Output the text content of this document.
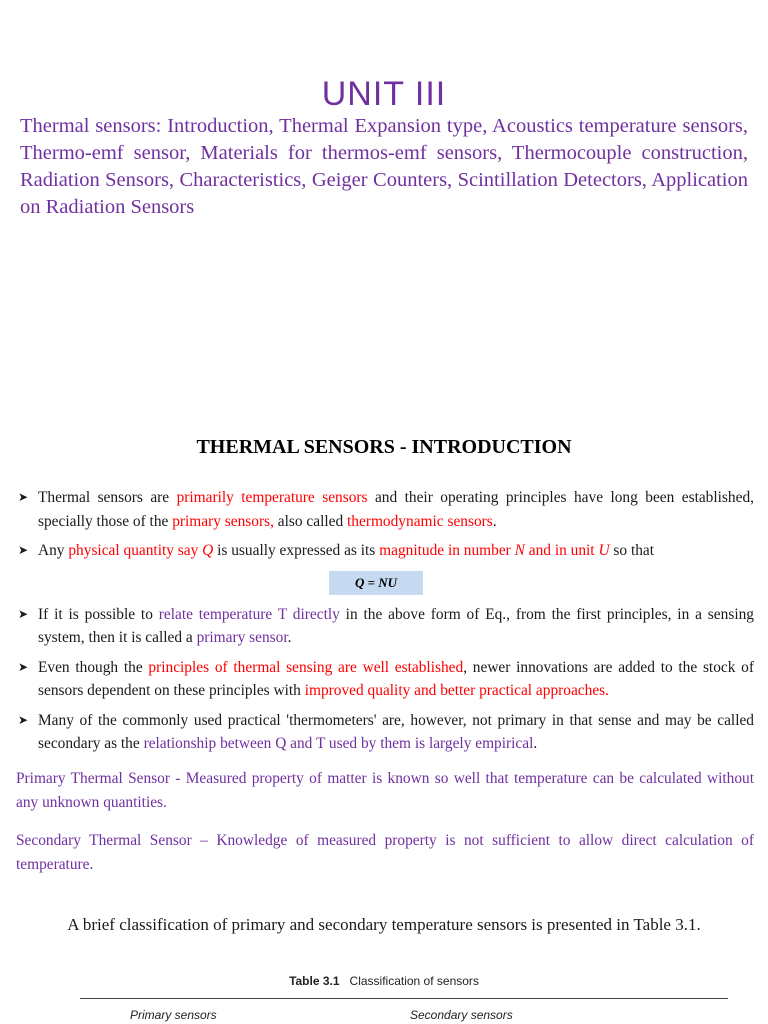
UNIT III

Thermal sensors: Introduction, Thermal Expansion type, Acoustics temperature sensors, Thermo-emf sensor, Materials for thermos-emf sensors, Thermocouple construction, Radiation Sensors, Characteristics, Geiger Counters, Scintillation Detectors, Application on Radiation Sensors

THERMAL SENSORS - INTRODUCTION
➤ Thermal sensors are primarily temperature sensors and their operating principles have long been established, specially those of the primary sensors, also called thermodynamic sensors.
➤ Any physical quantity say Q is usually expressed as its magnitude in number N and in unit U so that
Q = NU
➤ If it is possible to relate temperature T directly in the above form of Eq., from the first principles, in a sensing system, then it is called a primary sensor.
➤ Even though the principles of thermal sensing are well established, newer innovations are added to the stock of sensors dependent on these principles with improved quality and better practical approaches.
➤ Many of the commonly used practical 'thermometers' are, however, not primary in that sense and may be called secondary as the relationship between Q and T used by them is largely empirical.

Primary Thermal Sensor - Measured property of matter is known so well that temperature can be calculated without any unknown quantities.

Secondary Thermal Sensor – Knowledge of measured property is not sufficient to allow direct calculation of temperature.

A brief classification of primary and secondary temperature sensors is presented in Table 3.1.

Table 3.1 Classification of sensors
Primary sensors	Secondary sensors
